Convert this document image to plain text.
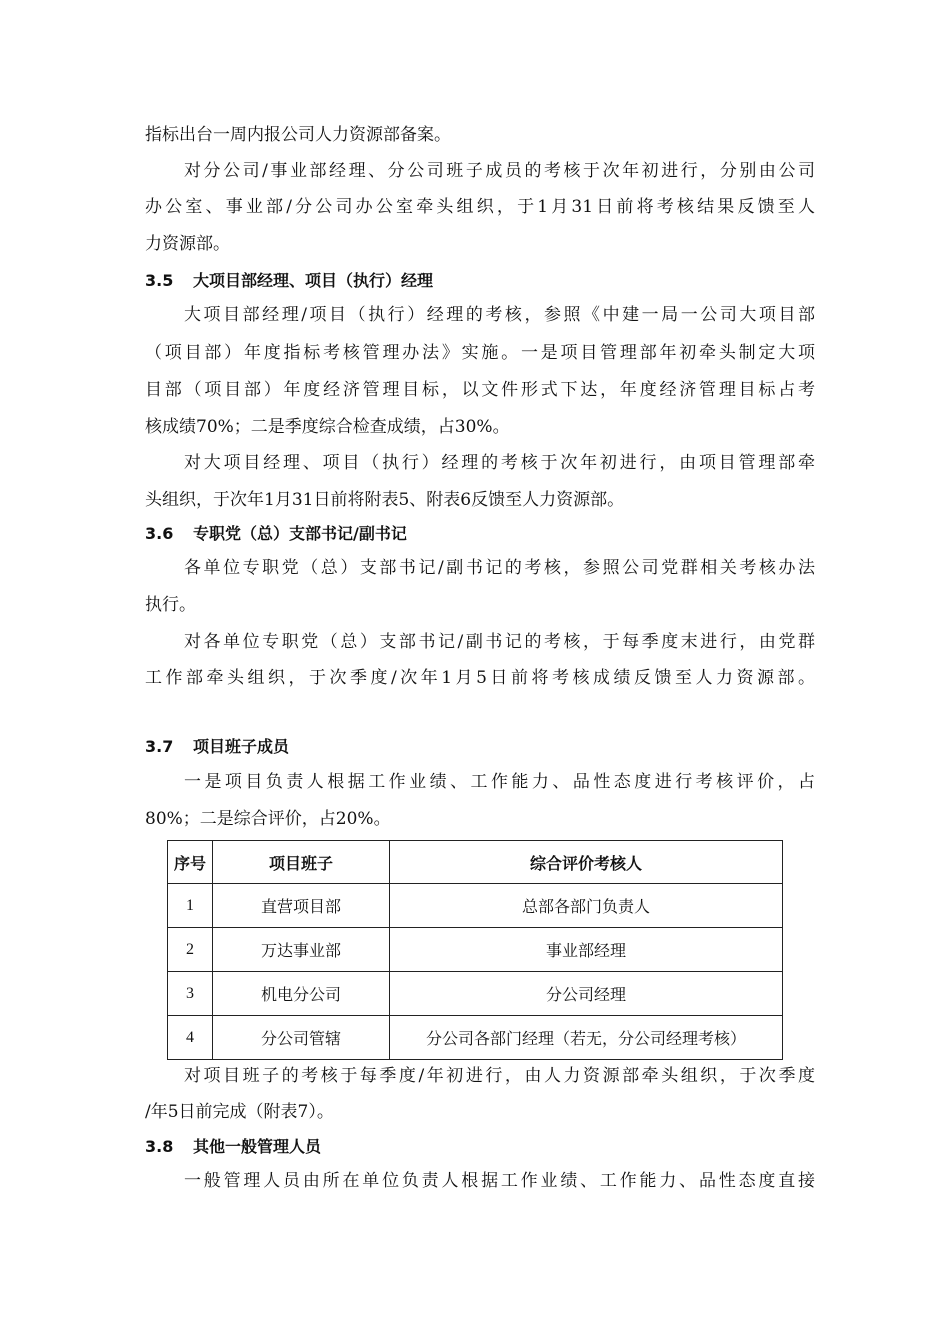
指标出台一周内报公司人力资源部备案。
对分公司/事业部经理、分公司班子成员的考核于次年初进行，分别由公司
办公室、事业部/分公司办公室牵头组织，于1月31日前将考核结果反馈至人
力资源部。
3.5 大项目部经理、项目（执行）经理
大项目部经理/项目（执行）经理的考核，参照《中建一局一公司大项目部
（项目部）年度指标考核管理办法》实施。一是项目管理部年初牵头制定大项
目部（项目部）年度经济管理目标，以文件形式下达，年度经济管理目标占考
核成绩70%；二是季度综合检查成绩，占30%。
对大项目经理、项目（执行）经理的考核于次年初进行，由项目管理部牵
头组织，于次年1月31日前将附表5、附表6反馈至人力资源部。
3.6 专职党（总）支部书记/副书记
各单位专职党（总）支部书记/副书记的考核，参照公司党群相关考核办法
执行。
对各单位专职党（总）支部书记/副书记的考核，于每季度末进行，由党群
工作部牵头组织，于次季度/次年1月5日前将考核成绩反馈至人力资源部。
3.7 项目班子成员
一是项目负责人根据工作业绩、工作能力、品性态度进行考核评价，占
80%；二是综合评价，占20%。
序号	项目班子	综合评价考核人
1	直营项目部	总部各部门负责人
2	万达事业部	事业部经理
3	机电分公司	分公司经理
4	分公司管辖	分公司各部门经理（若无，分公司经理考核）
对项目班子的考核于每季度/年初进行，由人力资源部牵头组织，于次季度
/年5日前完成（附表7）。
3.8 其他一般管理人员
一般管理人员由所在单位负责人根据工作业绩、工作能力、品性态度直接
